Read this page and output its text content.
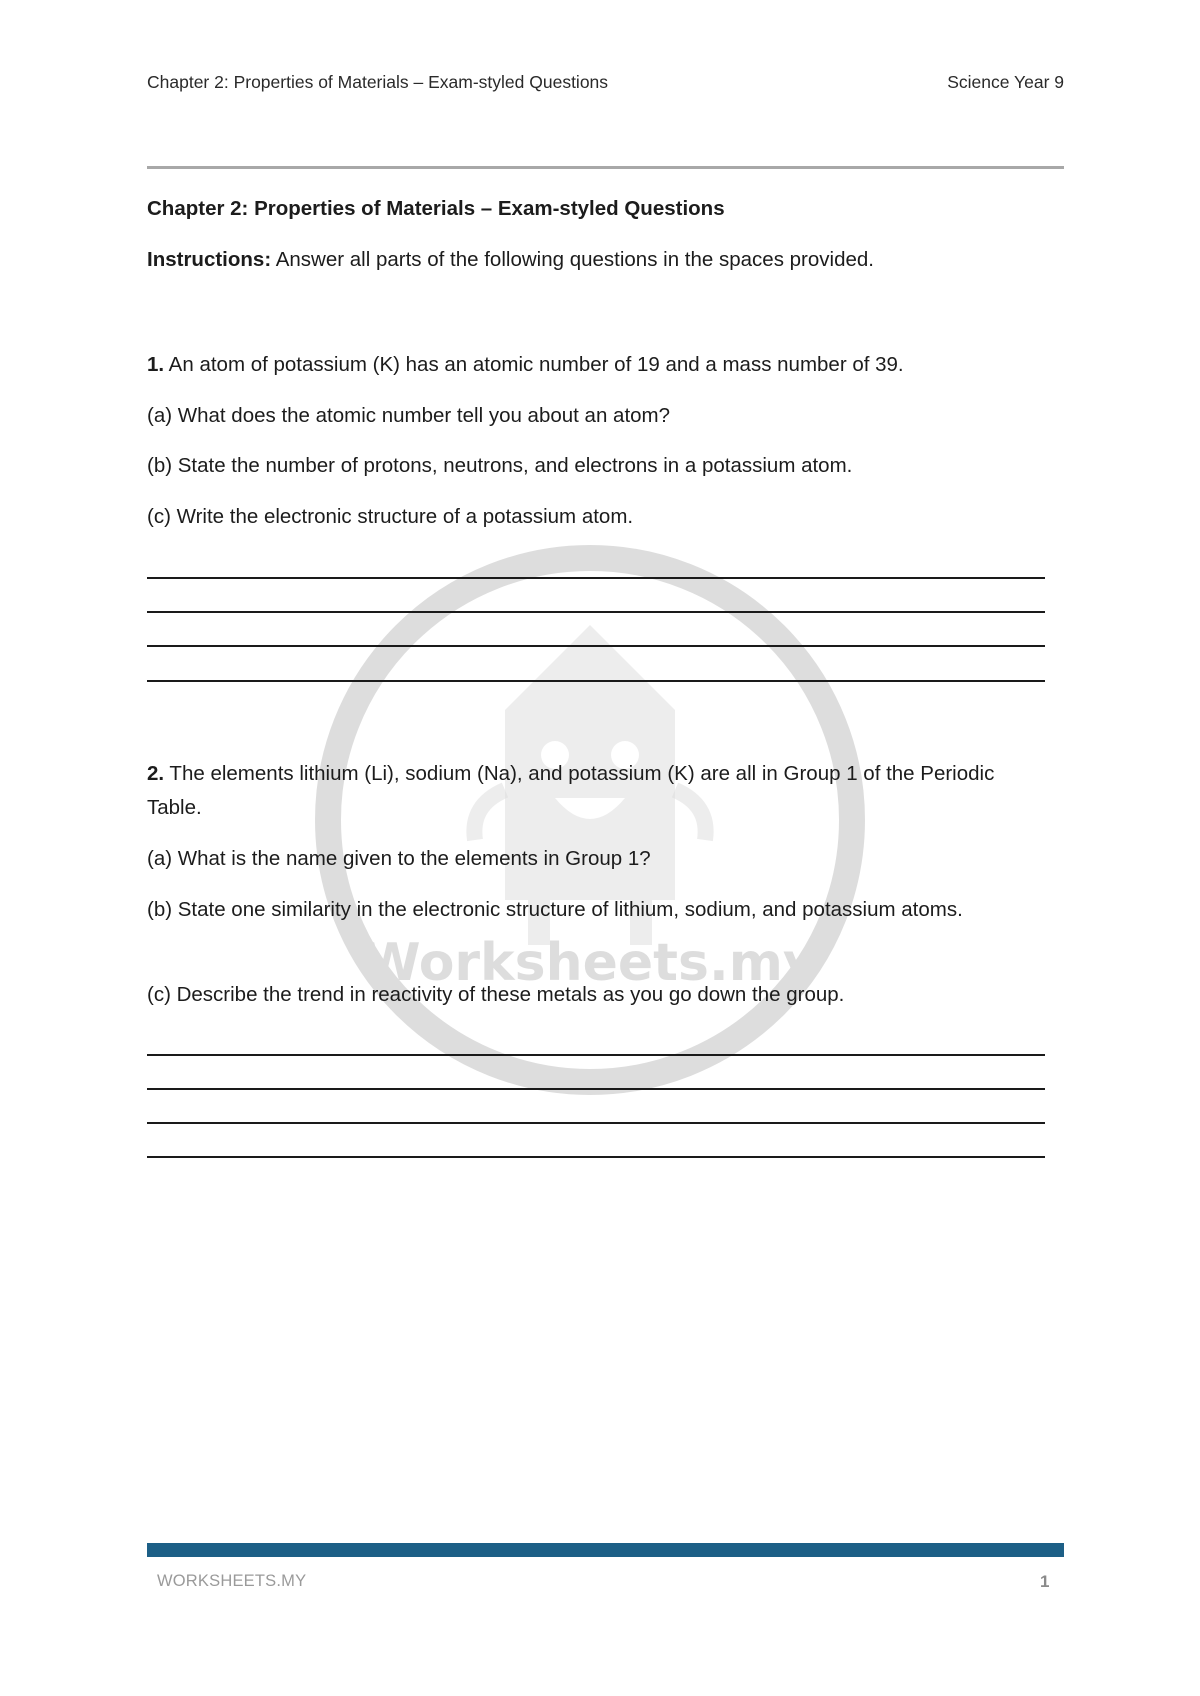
Worksheets.my
Chapter 2: Properties of Materials – Exam-styled Questions	Science Year 9

Chapter 2: Properties of Materials – Exam-styled Questions

Instructions: Answer all parts of the following questions in the spaces provided.

1. An atom of potassium (K) has an atomic number of 19 and a mass number of 39.

(a) What does the atomic number tell you about an atom?

(b) State the number of protons, neutrons, and electrons in a potassium atom.

(c) Write the electronic structure of a potassium atom.

2. The elements lithium (Li), sodium (Na), and potassium (K) are all in Group 1 of the Periodic Table.

(a) What is the name given to the elements in Group 1?

(b) State one similarity in the electronic structure of lithium, sodium, and potassium atoms.

(c) Describe the trend in reactivity of these metals as you go down the group.

WORKSHEETS.MY	1
